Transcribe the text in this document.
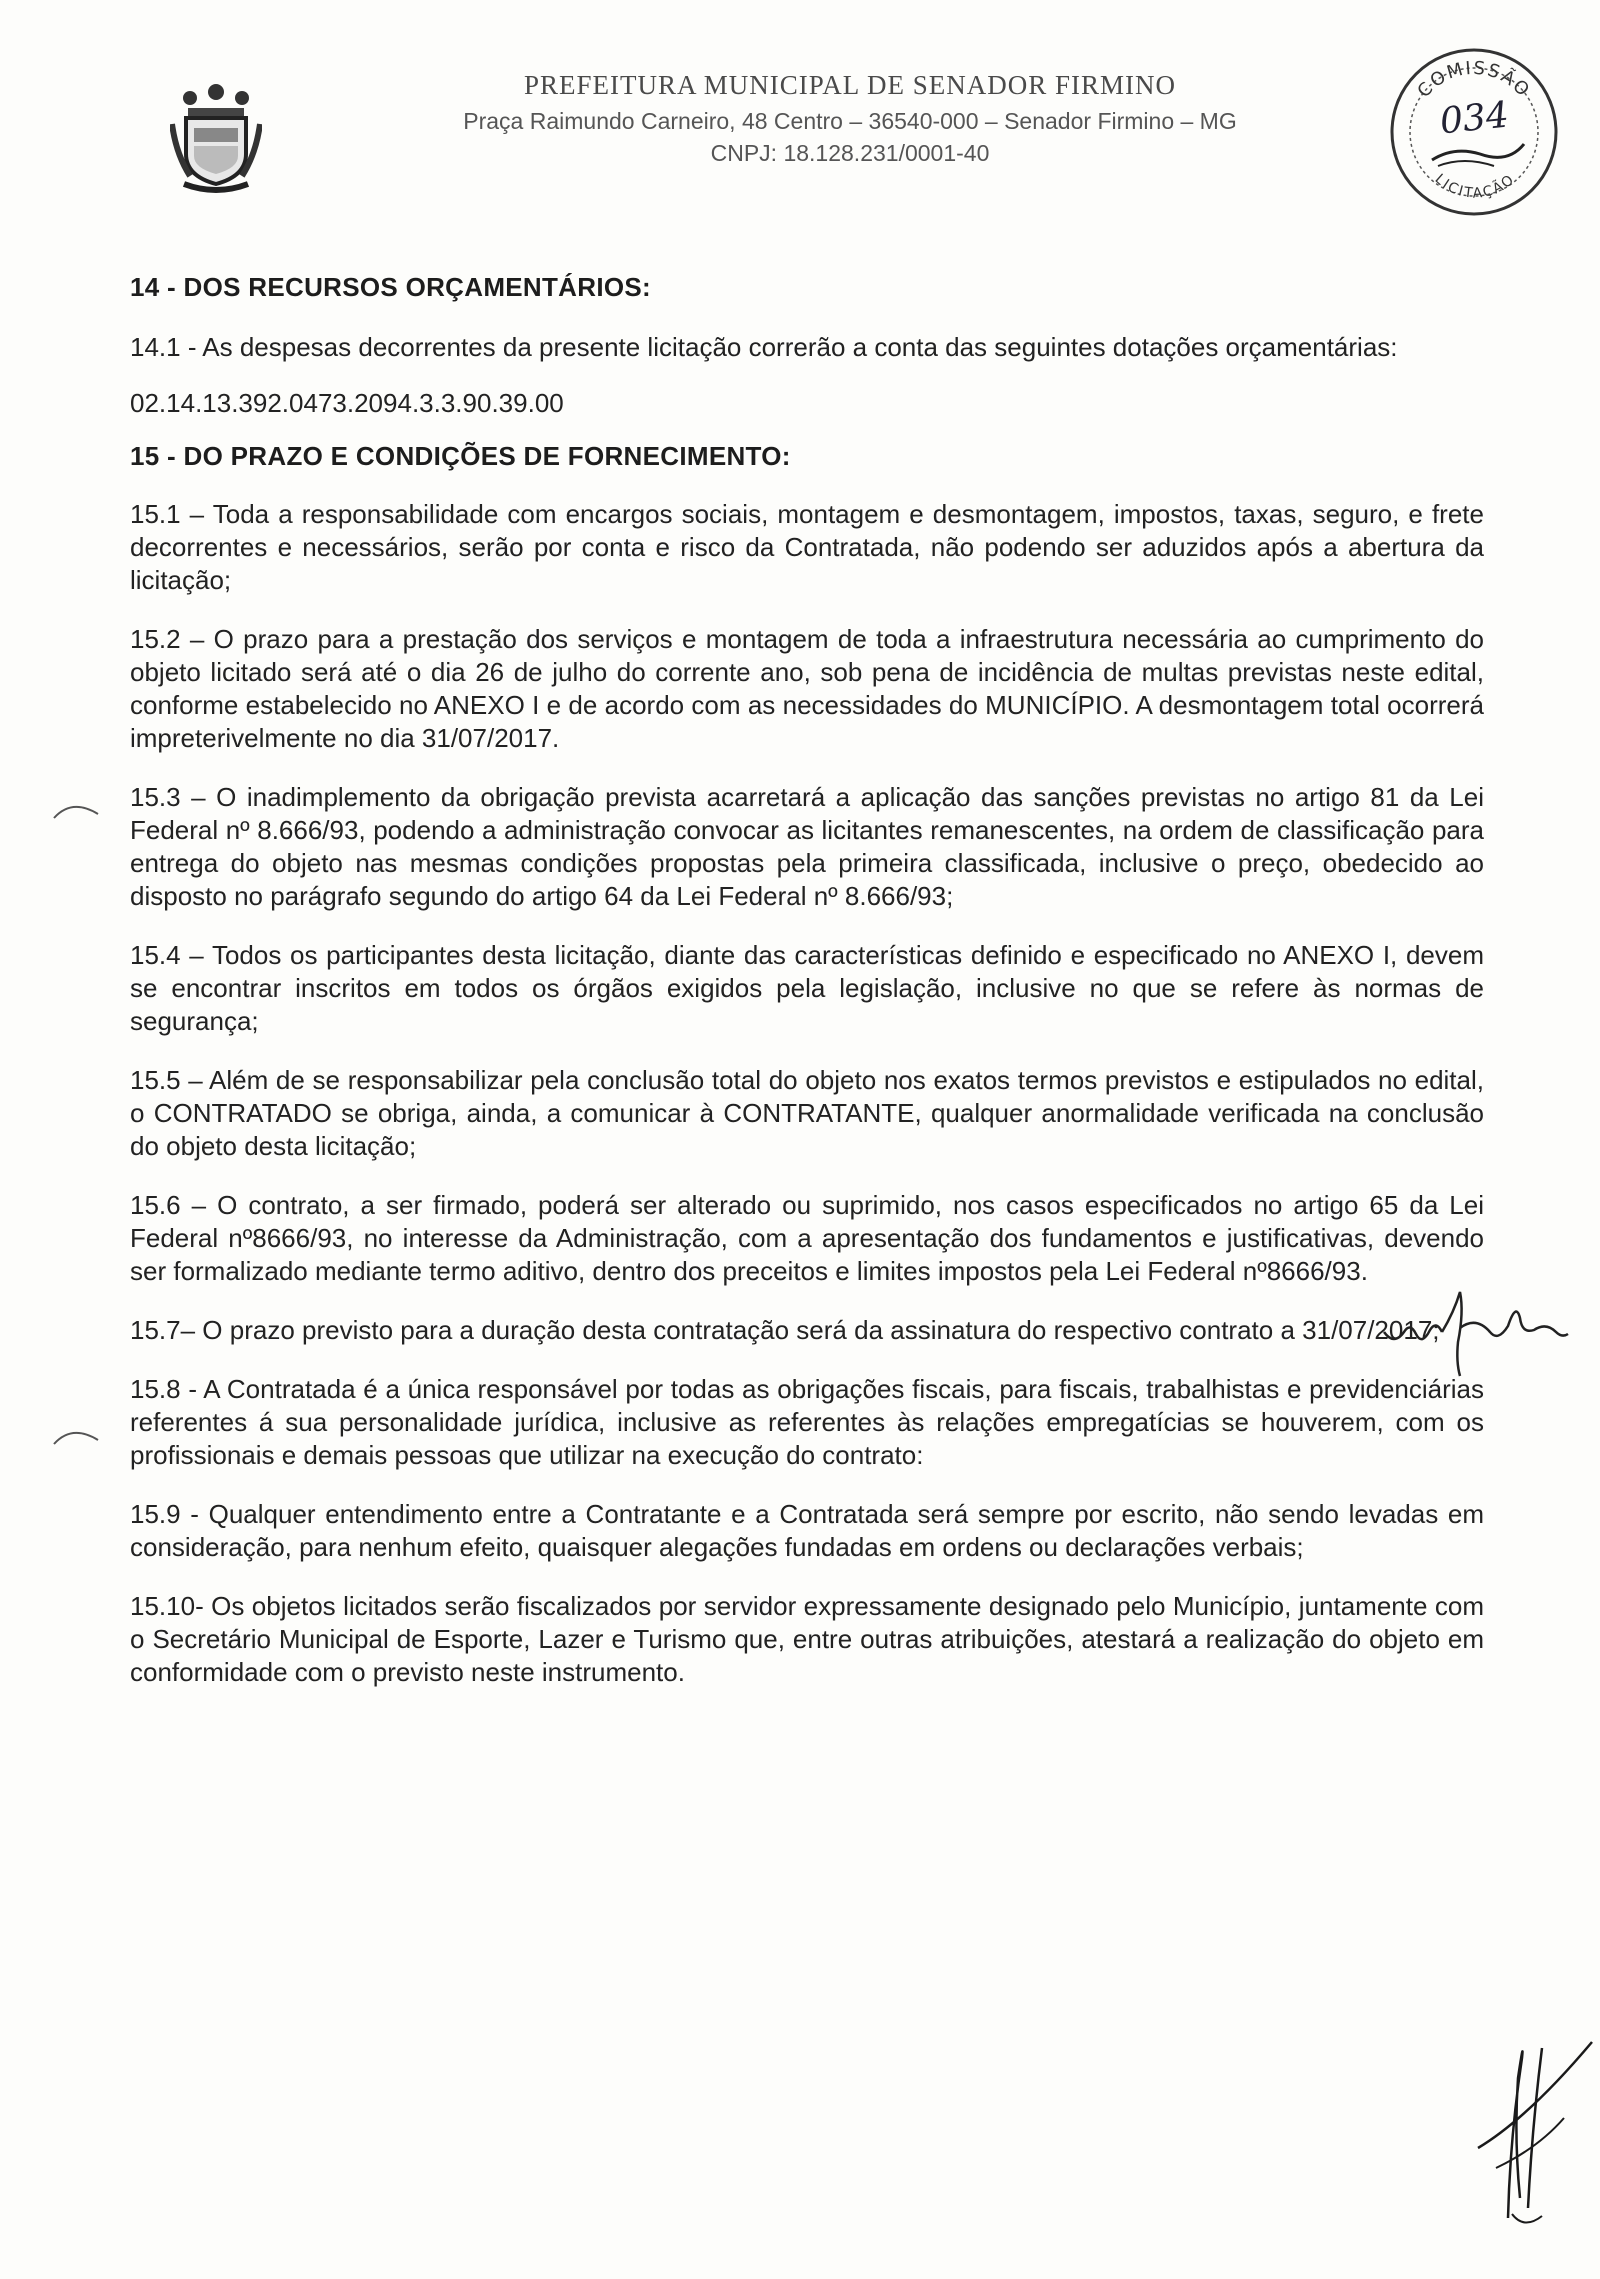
PREFEITURA MUNICIPAL DE SENADOR FIRMINO
Praça Raimundo Carneiro, 48 Centro – 36540-000 – Senador Firmino – MG
CNPJ: 18.128.231/0001-40
COMISSÃO
LICITAÇÃO
034
14 - DOS RECURSOS ORÇAMENTÁRIOS:

14.1 - As despesas decorrentes da presente licitação correrão a conta das seguintes dotações orçamentárias:

02.14.13.392.0473.2094.3.3.90.39.00

15 - DO PRAZO E CONDIÇÕES DE FORNECIMENTO:

15.1 – Toda a responsabilidade com encargos sociais, montagem e desmontagem, impostos, taxas, seguro, e frete decorrentes e necessários, serão por conta e risco da Contratada, não podendo ser aduzidos após a abertura da licitação;

15.2 – O prazo para a prestação dos serviços e montagem de toda a infraestrutura necessária ao cumprimento do objeto licitado será até o dia 26 de julho do corrente ano, sob pena de incidência de multas previstas neste edital, conforme estabelecido no ANEXO I e de acordo com as necessidades do MUNICÍPIO. A desmontagem total ocorrerá impreterivelmente no dia 31/07/2017.

15.3 – O inadimplemento da obrigação prevista acarretará a aplicação das sanções previstas no artigo 81 da Lei Federal nº 8.666/93, podendo a administração convocar as licitantes remanescentes, na ordem de classificação para entrega do objeto nas mesmas condições propostas pela primeira classificada, inclusive o preço, obedecido ao disposto no parágrafo segundo do artigo 64 da Lei Federal nº 8.666/93;

15.4 – Todos os participantes desta licitação, diante das características definido e especificado no ANEXO I, devem se encontrar inscritos em todos os órgãos exigidos pela legislação, inclusive no que se refere às normas de segurança;

15.5 – Além de se responsabilizar pela conclusão total do objeto nos exatos termos previstos e estipulados no edital, o CONTRATADO se obriga, ainda, a comunicar à CONTRATANTE, qualquer anormalidade verificada na conclusão do objeto desta licitação;

15.6 – O contrato, a ser firmado, poderá ser alterado ou suprimido, nos casos especificados no artigo 65 da Lei Federal nº8666/93, no interesse da Administração, com a apresentação dos fundamentos e justificativas, devendo ser formalizado mediante termo aditivo, dentro dos preceitos e limites impostos pela Lei Federal nº8666/93.

15.7– O prazo previsto para a duração desta contratação será da assinatura do respectivo contrato a 31/07/2017;

15.8 - A Contratada é a única responsável por todas as obrigações fiscais, para fiscais, trabalhistas e previdenciárias referentes á sua personalidade jurídica, inclusive as referentes às relações empregatícias se houverem, com os profissionais e demais pessoas que utilizar na execução do contrato:

15.9 - Qualquer entendimento entre a Contratante e a Contratada será sempre por escrito, não sendo levadas em consideração, para nenhum efeito, quaisquer alegações fundadas em ordens ou declarações verbais;

15.10- Os objetos licitados serão fiscalizados por servidor expressamente designado pelo Município, juntamente com o Secretário Municipal de Esporte, Lazer e Turismo que, entre outras atribuições, atestará a realização do objeto em conformidade com o previsto neste instrumento.
